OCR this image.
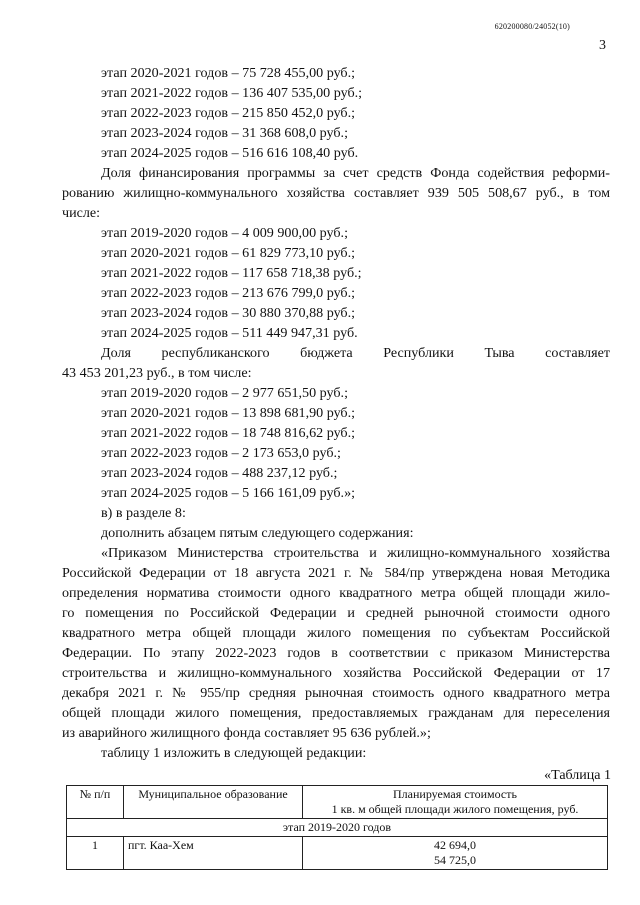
620200080/24052(10)
3
этап 2020-2021 годов – 75 728 455,00 руб.;
этап 2021-2022 годов – 136 407 535,00 руб.;
этап 2022-2023 годов – 215 850 452,0 руб.;
этап 2023-2024 годов – 31 368 608,0 руб.;
этап 2024-2025 годов – 516 616 108,40 руб.
Доля финансирования программы за счет средств Фонда содействия реформи-
рованию жилищно-коммунального хозяйства составляет 939 505 508,67 руб., в том
числе:
этап 2019-2020 годов – 4 009 900,00 руб.;
этап 2020-2021 годов – 61 829 773,10 руб.;
этап 2021-2022 годов – 117 658 718,38 руб.;
этап 2022-2023 годов – 213 676 799,0 руб.;
этап 2023-2024 годов – 30 880 370,88 руб.;
этап 2024-2025 годов – 511 449 947,31 руб.
Доля республиканского бюджета Республики Тыва составляет
43 453 201,23 руб., в том числе:
этап 2019-2020 годов – 2 977 651,50 руб.;
этап 2020-2021 годов – 13 898 681,90 руб.;
этап 2021-2022 годов – 18 748 816,62 руб.;
этап 2022-2023 годов – 2 173 653,0 руб.;
этап 2023-2024 годов – 488 237,12 руб.;
этап 2024-2025 годов – 5 166 161,09 руб.»;
в) в разделе 8:
дополнить абзацем пятым следующего содержания:
«Приказом Министерства строительства и жилищно-коммунального хозяйства
Российской Федерации от 18 августа 2021 г. № 584/пр утверждена новая Методика
определения норматива стоимости одного квадратного метра общей площади жило-
го помещения по Российской Федерации и средней рыночной стоимости одного
квадратного метра общей площади жилого помещения по субъектам Российской
Федерации. По этапу 2022-2023 годов в соответствии с приказом Министерства
строительства и жилищно-коммунального хозяйства Российской Федерации от 17
декабря 2021 г. № 955/пр средняя рыночная стоимость одного квадратного метра
общей площади жилого помещения, предоставляемых гражданам для переселения
из аварийного жилищного фонда составляет 95 636 рублей.»;
таблицу 1 изложить в следующей редакции:
«Таблица 1
№ п/п	Муниципальное образование	Планируемая стоимость
1 кв. м общей площади жилого помещения, руб.

этап 2019-2020 годов		
1	пгт. Каа-Хем	42 694,0
54 725,0
